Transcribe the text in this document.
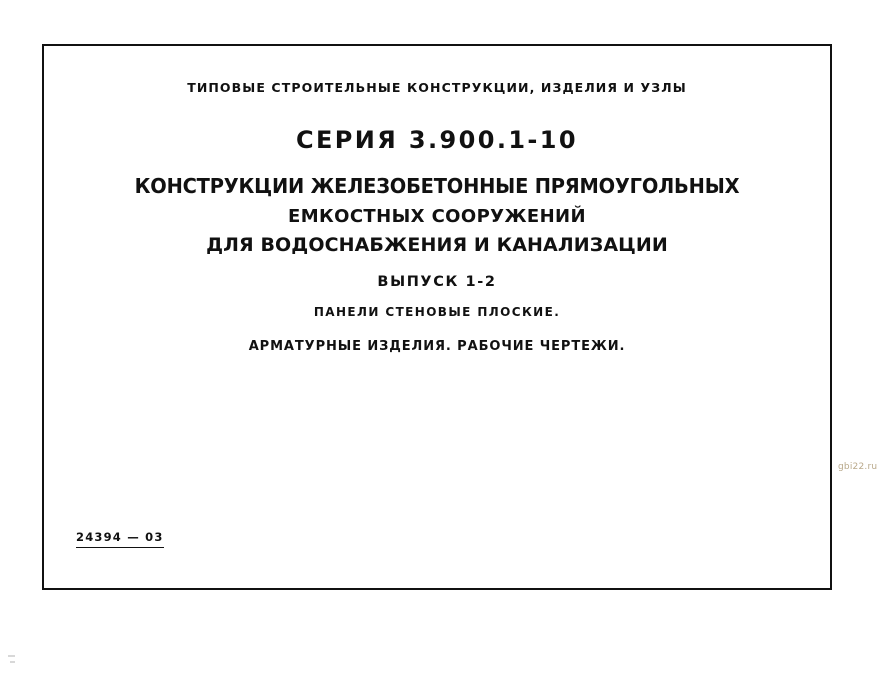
ТИПОВЫЕ СТРОИТЕЛЬНЫЕ КОНСТРУКЦИИ, ИЗДЕЛИЯ И УЗЛЫ
СЕРИЯ 3.900.1-10
КОНСТРУКЦИИ ЖЕЛЕЗОБЕТОННЫЕ ПРЯМОУГОЛЬНЫХ
ЕМКОСТНЫХ СООРУЖЕНИЙ
ДЛЯ ВОДОСНАБЖЕНИЯ И КАНАЛИЗАЦИИ
ВЫПУСК 1-2
ПАНЕЛИ СТЕНОВЫЕ ПЛОСКИЕ.
АРМАТУРНЫЕ ИЗДЕЛИЯ. РАБОЧИЕ ЧЕРТЕЖИ.
24394 — 03
gbi22.ru
